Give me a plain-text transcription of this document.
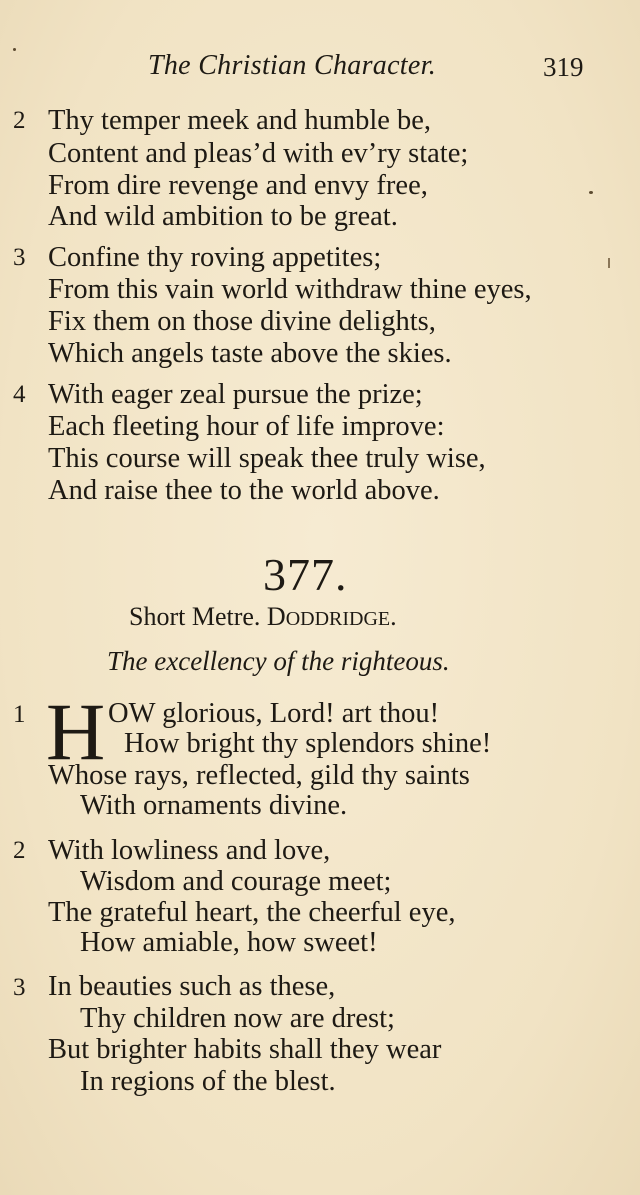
The Christian Character.	319
2 Thy temper meek and humble be,
Content and pleas’d with ev’ry state;
From dire revenge and envy free,
And wild ambition to be great.
3 Confine thy roving appetites;
From this vain world withdraw thine eyes,
Fix them on those divine delights,
Which angels taste above the skies.
4 With eager zeal pursue the prize;
Each fleeting hour of life improve:
This course will speak thee truly wise,
And raise thee to the world above.
377.
Short Metre. DODDRIDGE.
The excellency of the righteous.
1 H OW glorious, Lord! art thou!
How bright thy splendors shine!
Whose rays, reflected, gild thy saints
With ornaments divine.
2 With lowliness and love,
Wisdom and courage meet;
The grateful heart, the cheerful eye,
How amiable, how sweet!
3 In beauties such as these,
Thy children now are drest;
But brighter habits shall they wear
In regions of the blest.
